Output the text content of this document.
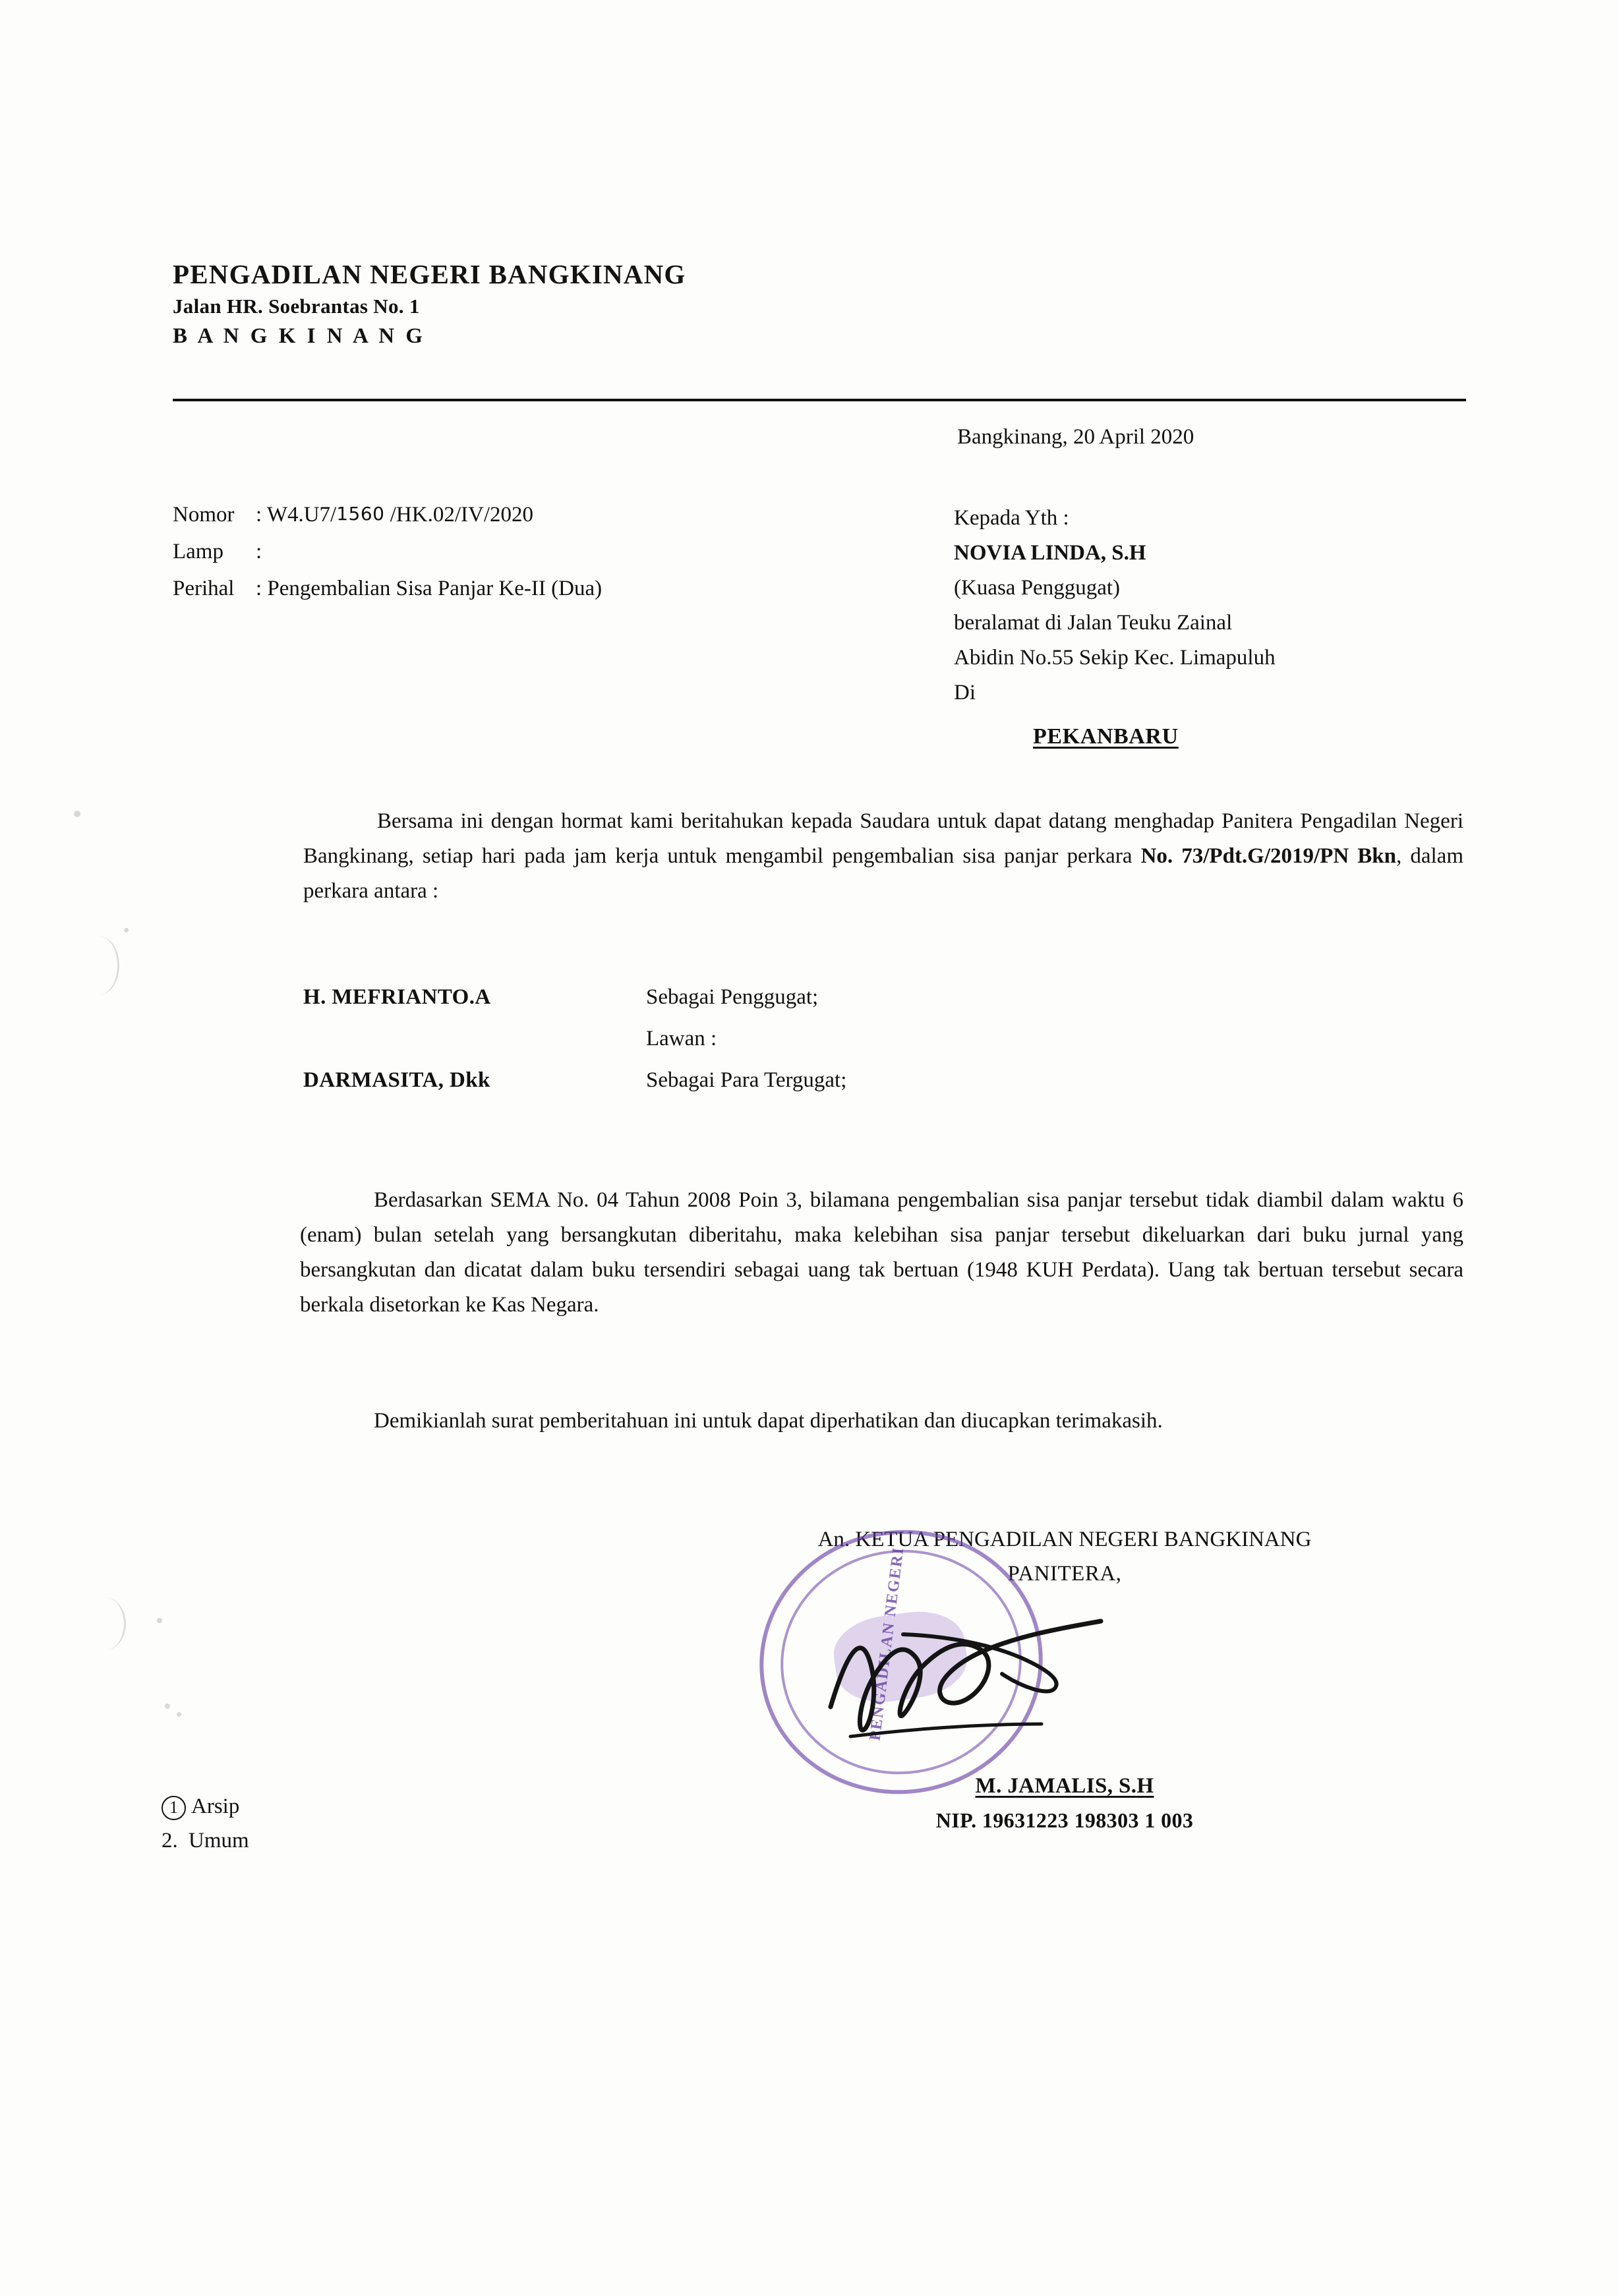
PENGADILAN NEGERI BANGKINANG
Jalan HR. Soebrantas No. 1
B A N G K I N A N G
Bangkinang, 20 April 2020
Nomor : W4.U7/1560 /HK.02/IV/2020
Lamp :
Perihal : Pengembalian Sisa Panjar Ke-II (Dua)
Kepada Yth :
NOVIA LINDA, S.H
(Kuasa Penggugat)
beralamat di Jalan Teuku Zainal
Abidin No.55 Sekip Kec. Limapuluh
Di
PEKANBARU
Bersama ini dengan hormat kami beritahukan kepada Saudara untuk dapat datang menghadap Panitera Pengadilan Negeri Bangkinang, setiap hari pada jam kerja untuk mengambil pengembalian sisa panjar perkara No. 73/Pdt.G/2019/PN Bkn, dalam perkara antara :
H. MEFRIANTO.A	Sebagai Penggugat;
Lawan :
DARMASITA, Dkk	Sebagai Para Tergugat;
Berdasarkan SEMA No. 04 Tahun 2008 Poin 3, bilamana pengembalian sisa panjar tersebut tidak diambil dalam waktu 6 (enam) bulan setelah yang bersangkutan diberitahu, maka kelebihan sisa panjar tersebut dikeluarkan dari buku jurnal yang bersangkutan dan dicatat dalam buku tersendiri sebagai uang tak bertuan (1948 KUH Perdata). Uang tak bertuan tersebut secara berkala disetorkan ke Kas Negara.
Demikianlah surat pemberitahuan ini untuk dapat diperhatikan dan diucapkan terimakasih.
An. KETUA PENGADILAN NEGERI BANGKINANG
PANITERA,
M. JAMALIS, S.H
NIP. 19631223 198303 1 003
PENGADILAN NEGERI
1 Arsip
2. Umum
